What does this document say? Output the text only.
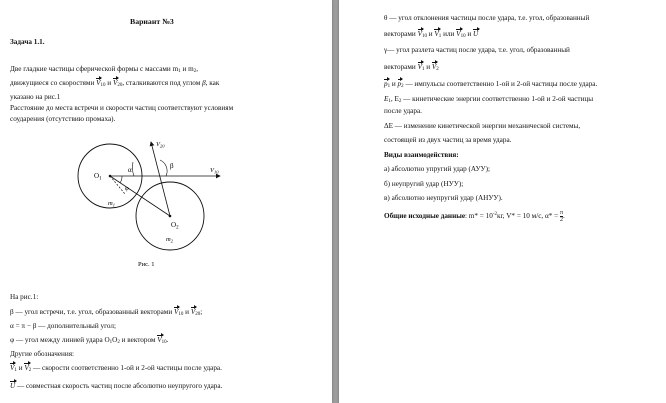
Вариант №3
Задача 1.1.
Две гладкие частицы сферической формы с массами $m_1$ и $m_2$,
движущиеся со скоростями $V_{10}$ и $V_{20}$, сталкиваются под углом β, как
указано на рис.1
Расстояние до места встречи и скорости частиц соответствуют условиям
соударения (отсутствию промаха).
$O_1$
$O_2$
$m_1$
$m_2$
α	β
φ
$V_{20}$
$V_{10}$
Рис. 1
На рис.1:
β — угол встречи, т.е. угол, образованный векторами $V_{10}$ и $V_{20}$;
α = π − β — дополнительный угол;
φ — угол между линией удара $O_1O_2$ и вектором $V_{10}$.
Другие обозначения:
$V_1$ и $V_2$ — скорости соответственно 1-ой и 2-ой частицы после удара.
U — совместная скорость частиц после абсолютно неупругого удара.
θ — угол отклонения частицы после удара, т.е. угол, образованный
векторами $V_{10}$ и $V_1$ или $V_{10}$ и U
γ— угол разлета частиц после удара, т.е. угол, образованный
векторами $V_1$ и $V_2$
$p_1$ и $p_2$ — импульсы соответственно 1-ой и 2-ой частицы после удара.
$E_1$, $E_2$ — кинетические энергии соответственно 1-ой и 2-ой частицы
после удара.
ΔE — изменение кинетической энергии механической системы,
состоящей из двух частиц за время удара.
Виды взаимодействия:
а) абсолютно упругий удар (АУУ);
б) неупругий удар (НУУ);
в) абсолютно неупругий удар (АНУУ).
Общие исходные данные: $m* = 10^{-2}кг$, V* = 10 м/с, $\alpha* = \frac{\pi}{2}$ .
